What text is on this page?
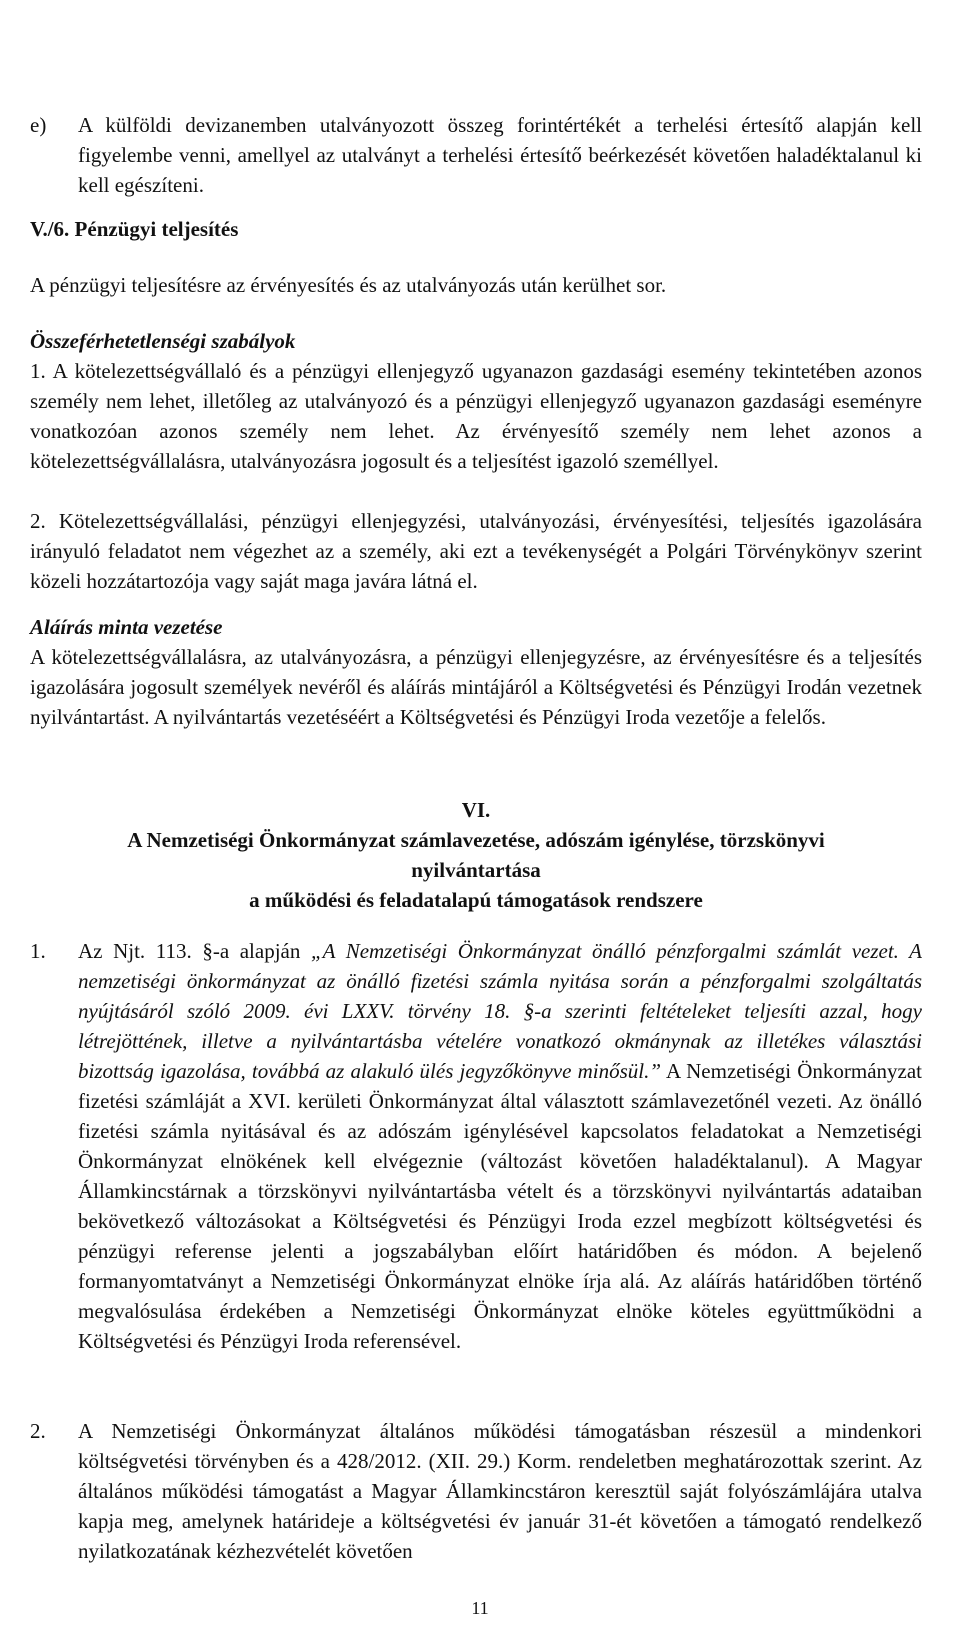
e)	A külföldi devizanemben utalványozott összeg forintértékét a terhelési értesítő alapján kell figyelembe venni, amellyel az utalványt a terhelési értesítő beérkezését követően haladéktalanul ki kell egészíteni.
V./6. Pénzügyi teljesítés
A pénzügyi teljesítésre az érvényesítés és az utalványozás után kerülhet sor.
Összeférhetetlenségi szabályok
1. A kötelezettségvállaló és a pénzügyi ellenjegyző ugyanazon gazdasági esemény tekintetében azonos személy nem lehet, illetőleg az utalványozó és a pénzügyi ellenjegyző ugyanazon gazdasági eseményre vonatkozóan azonos személy nem lehet. Az érvényesítő személy nem lehet azonos a kötelezettségvállalásra, utalványozásra jogosult és a teljesítést igazoló személlyel.
2. Kötelezettségvállalási, pénzügyi ellenjegyzési, utalványozási, érvényesítési, teljesítés igazolására irányuló feladatot nem végezhet az a személy, aki ezt a tevékenységét a Polgári Törvénykönyv szerint közeli hozzátartozója vagy saját maga javára látná el.
Aláírás minta vezetése
A kötelezettségvállalásra, az utalványozásra, a pénzügyi ellenjegyzésre, az érvényesítésre és a teljesítés igazolására jogosult személyek nevéről és aláírás mintájáról a Költségvetési és Pénzügyi Irodán vezetnek nyilvántartást. A nyilvántartás vezetéséért a Költségvetési és Pénzügyi Iroda vezetője a felelős.
VI.
A Nemzetiségi Önkormányzat számlavezetése, adószám igénylése, törzskönyvi
nyilvántartása
a működési és feladatalapú támogatások rendszere
1.	Az Njt. 113. §-a alapján „A Nemzetiségi Önkormányzat önálló pénzforgalmi számlát vezet. A nemzetiségi önkormányzat az önálló fizetési számla nyitása során a pénzforgalmi szolgáltatás nyújtásáról szóló 2009. évi LXXV. törvény 18. §-a szerinti feltételeket teljesíti azzal, hogy létrejöttének, illetve a nyilvántartásba vételére vonatkozó okmánynak az illetékes választási bizottság igazolása, továbbá az alakuló ülés jegyzőkönyve minősül.” A Nemzetiségi Önkormányzat fizetési számláját a XVI. kerületi Önkormányzat által választott számlavezetőnél vezeti. Az önálló fizetési számla nyitásával és az adószám igénylésével kapcsolatos feladatokat a Nemzetiségi Önkormányzat elnökének kell elvégeznie (változást követően haladéktalanul). A Magyar Államkincstárnak a törzskönyvi nyilvántartásba vételt és a törzskönyvi nyilvántartás adataiban bekövetkező változásokat a Költségvetési és Pénzügyi Iroda ezzel megbízott költségvetési és pénzügyi referense jelenti a jogszabályban előírt határidőben és módon. A bejelenő formanyomtatványt a Nemzetiségi Önkormányzat elnöke írja alá. Az aláírás határidőben történő megvalósulása érdekében a Nemzetiségi Önkormányzat elnöke köteles együttműködni a Költségvetési és Pénzügyi Iroda referensével.
2.	A Nemzetiségi Önkormányzat általános működési támogatásban részesül a mindenkori költségvetési törvényben és a 428/2012. (XII. 29.) Korm. rendeletben meghatározottak szerint. Az általános működési támogatást a Magyar Államkincstáron keresztül saját folyószámlájára utalva kapja meg, amelynek határideje a költségvetési év január 31-ét követően a támogató rendelkező nyilatkozatának kézhezvételét követően
11
